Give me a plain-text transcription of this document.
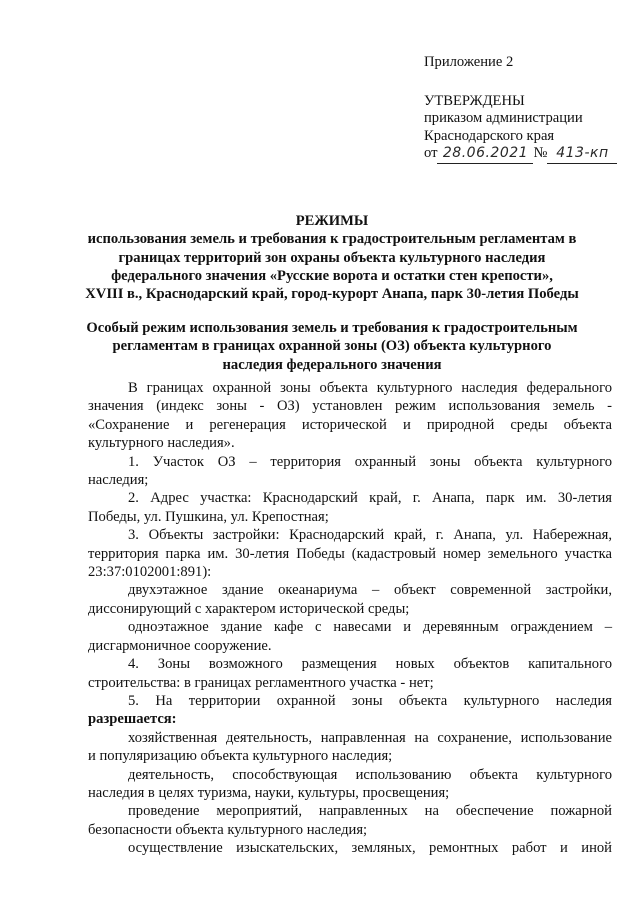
Приложение 2
УТВЕРЖДЕНЫ
приказом администрации
Краснодарского края
от 28.06.2021 № 413-кп
РЕЖИМЫ
использования земель и требования к градостроительным регламентам в
границах территорий зон охраны объекта культурного наследия
федерального значения «Русские ворота и остатки стен крепости»,
XVIII в., Краснодарский край, город-курорт Анапа, парк 30-летия Победы
Особый режим использования земель и требования к градостроительным
регламентам в границах охранной зоны (ОЗ) объекта культурного
наследия федерального значения
В границах охранной зоны объекта культурного наследия федерального
значения (индекс зоны - ОЗ) установлен режим использования земель -
«Сохранение и регенерация исторической и природной среды объекта
культурного наследия».
1. Участок ОЗ – территория охранный зоны объекта культурного
наследия;
2. Адрес участка: Краснодарский край, г. Анапа, парк им. 30-летия
Победы, ул. Пушкина, ул. Крепостная;
3. Объекты застройки: Краснодарский край, г. Анапа, ул. Набережная,
территория парка им. 30-летия Победы (кадастровый номер земельного участка
23:37:0102001:891):
двухэтажное здание океанариума – объект современной застройки,
диссонирующий с характером исторической среды;
одноэтажное здание кафе с навесами и деревянным ограждением –
дисгармоничное сооружение.
4. Зоны возможного размещения новых объектов капитального
строительства: в границах регламентного участка - нет;
5. На территории охранной зоны объекта культурного наследия
разрешается:
хозяйственная деятельность, направленная на сохранение, использование
и популяризацию объекта культурного наследия;
деятельность, способствующая использованию объекта культурного
наследия в целях туризма, науки, культуры, просвещения;
проведение мероприятий, направленных на обеспечение пожарной
безопасности объекта культурного наследия;
осуществление изыскательских, земляных, ремонтных работ и иной
